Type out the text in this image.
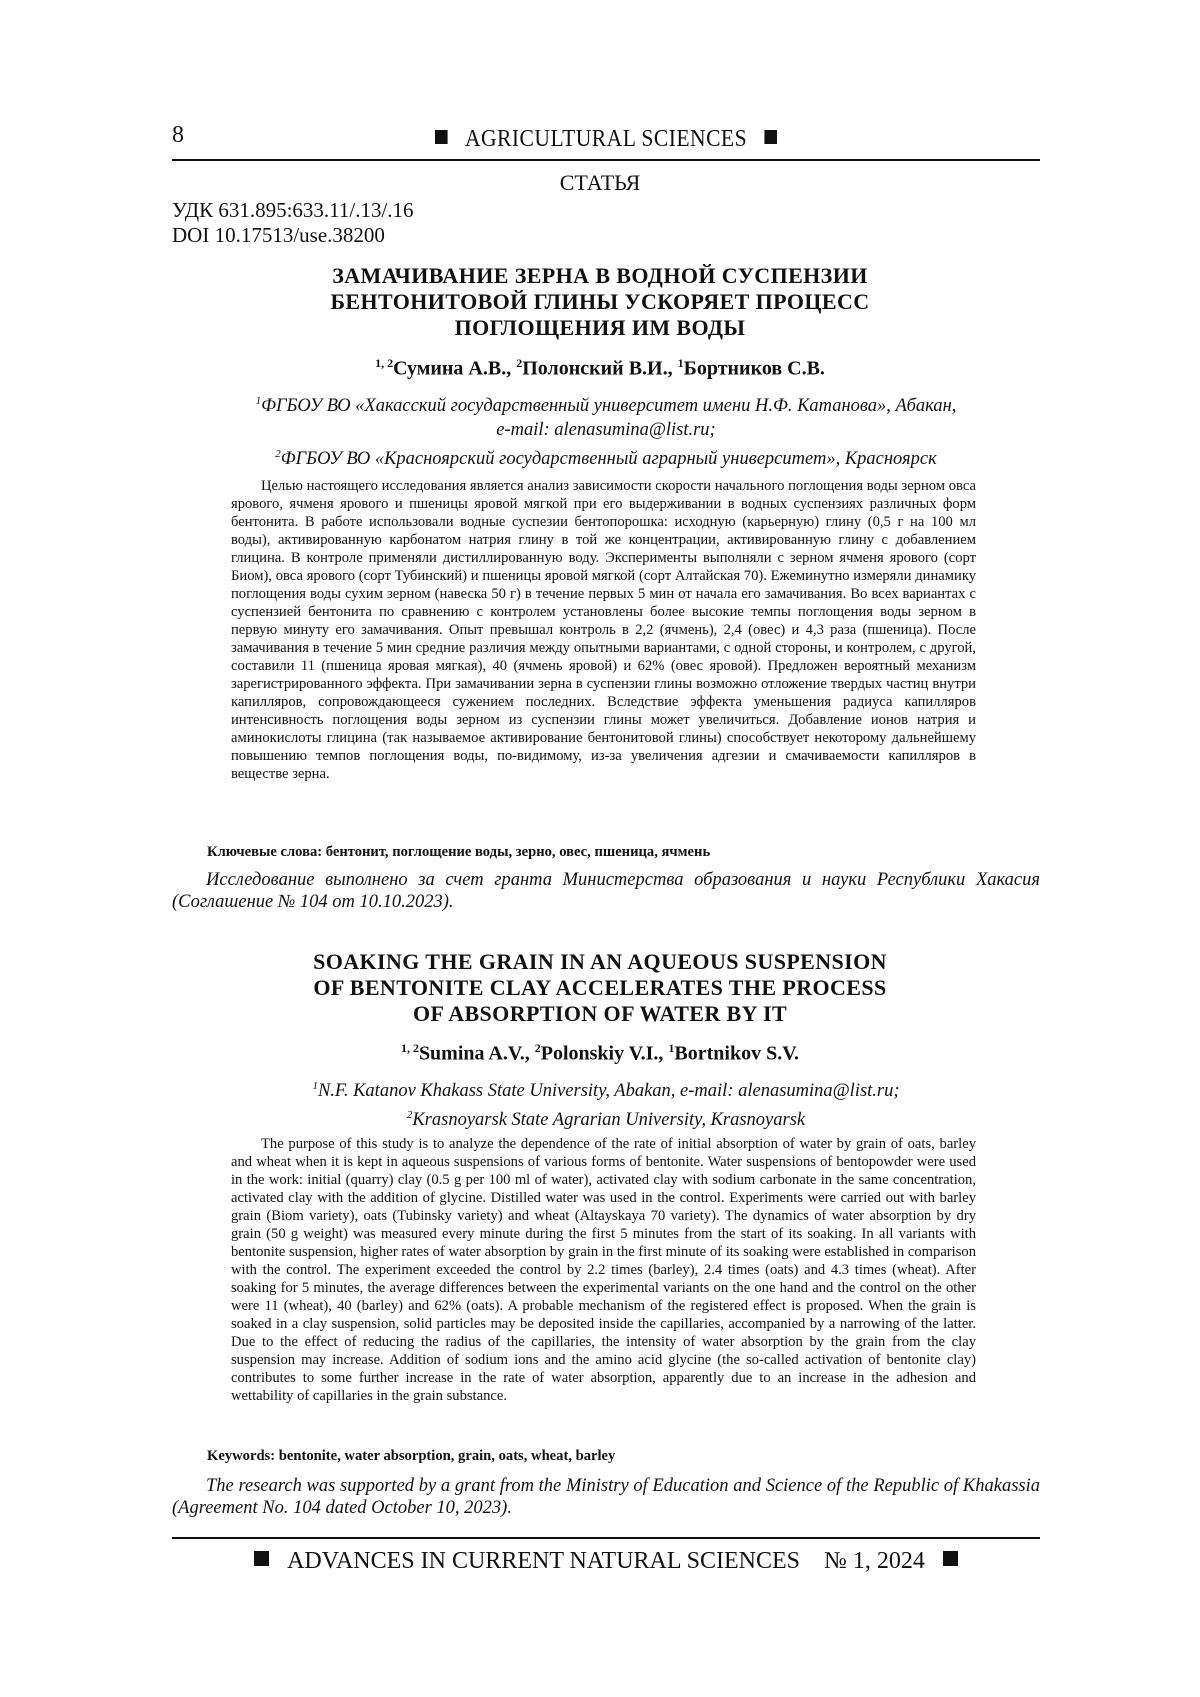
8	AGRICULTURAL SCIENCES
СТАТЬЯ
УДК 631.895:633.11/.13/.16
DOI 10.17513/use.38200
ЗАМАЧИВАНИЕ ЗЕРНА В ВОДНОЙ СУСПЕНЗИИ
БЕНТОНИТОВОЙ ГЛИНЫ УСКОРЯЕТ ПРОЦЕСС
ПОГЛОЩЕНИЯ ИМ ВОДЫ
$^{1, 2}$Сумина А.В., $^2$Полонский В.И., $^1$Бортников С.В.
$^1$ФГБОУ ВО «Хакасский государственный университет имени Н.Ф. Катанова», Абакан,
e-mail: alenasumina@list.ru;
$^2$ФГБОУ ВО «Красноярский государственный аграрный университет», Красноярск
Целью настоящего исследования является анализ зависимости скорости начального поглощения воды зерном овса ярового, ячменя ярового и пшеницы яровой мягкой при его выдерживании в водных суспензиях различных форм бентонита. В работе использовали водные суспезии бентопорошка: исходную (карьерную) глину (0,5 г на 100 мл воды), активированную карбонатом натрия глину в той же концентрации, активированную глину с добавлением глицина. В контроле применяли дистиллированную воду. Эксперименты выполняли с зерном ячменя ярового (сорт Биом), овса ярового (сорт Тубинский) и пшеницы яровой мягкой (сорт Алтайская 70). Ежеминутно измеряли динамику поглощения воды сухим зерном (навеска 50 г) в течение первых 5 мин от начала его замачивания. Во всех вариантах с суспензией бентонита по сравнению с контролем установлены более высокие темпы поглощения воды зерном в первую минуту его замачивания. Опыт превышал контроль в 2,2 (ячмень), 2,4 (овес) и 4,3 раза (пшеница). После замачивания в течение 5 мин средние различия между опытными вариантами, с одной стороны, и контролем, с другой, составили 11 (пшеница яровая мягкая), 40 (ячмень яровой) и 62% (овес яровой). Предложен вероятный механизм зарегистрированного эффекта. При замачивании зерна в суспензии глины возможно отложение твердых частиц внутри капилляров, сопровождающееся сужением последних. Вследствие эффекта уменьшения радиуса капилляров интенсивность поглощения воды зерном из суспензии глины может увеличиться. Добавление ионов натрия и аминокислоты глицина (так называемое активирование бентонитовой глины) способствует некоторому дальнейшему повышению темпов поглощения воды, по-видимому, из-за увеличения адгезии и смачиваемости капилляров в веществе зерна.
Ключевые слова: бентонит, поглощение воды, зерно, овес, пшеница, ячмень
Исследование выполнено за счет гранта Министерства образования и науки Республики Хакасия (Соглашение № 104 от 10.10.2023).
SOAKING THE GRAIN IN AN AQUEOUS SUSPENSION
OF BENTONITE CLAY ACCELERATES THE PROCESS
OF ABSORPTION OF WATER BY IT
$^{1, 2}$Sumina A.V., $^2$Polonskiy V.I., $^1$Bortnikov S.V.
$^1$N.F. Katanov Khakass State University, Abakan, e-mail: alenasumina@list.ru;
$^2$Krasnoyarsk State Agrarian University, Krasnoyarsk
The purpose of this study is to analyze the dependence of the rate of initial absorption of water by grain of oats, barley and wheat when it is kept in aqueous suspensions of various forms of bentonite. Water suspensions of bentopowder were used in the work: initial (quarry) clay (0.5 g per 100 ml of water), activated clay with sodium carbonate in the same concentration, activated clay with the addition of glycine. Distilled water was used in the control. Experiments were carried out with barley grain (Biom variety), oats (Tubinsky variety) and wheat (Altayskaya 70 variety). The dynamics of water absorption by dry grain (50 g weight) was measured every minute during the first 5 minutes from the start of its soaking. In all variants with bentonite suspension, higher rates of water absorption by grain in the first minute of its soaking were established in comparison with the control. The experiment exceeded the control by 2.2 times (barley), 2.4 times (oats) and 4.3 times (wheat). After soaking for 5 minutes, the average differences between the experimental variants on the one hand and the control on the other were 11 (wheat), 40 (barley) and 62% (oats). A probable mechanism of the registered effect is proposed. When the grain is soaked in a clay suspension, solid particles may be deposited inside the capillaries, accompanied by a narrowing of the latter. Due to the effect of reducing the radius of the capillaries, the intensity of water absorption by the grain from the clay suspension may increase. Addition of sodium ions and the amino acid glycine (the so-called activation of bentonite clay) contributes to some further increase in the rate of water absorption, apparently due to an increase in the adhesion and wettability of capillaries in the grain substance.
Keywords: bentonite, water absorption, grain, oats, wheat, barley
The research was supported by a grant from the Ministry of Education and Science of the Republic of Khakassia (Agreement No. 104 dated October 10, 2023).
ADVANCES IN CURRENT NATURAL SCIENCES № 1, 2024
